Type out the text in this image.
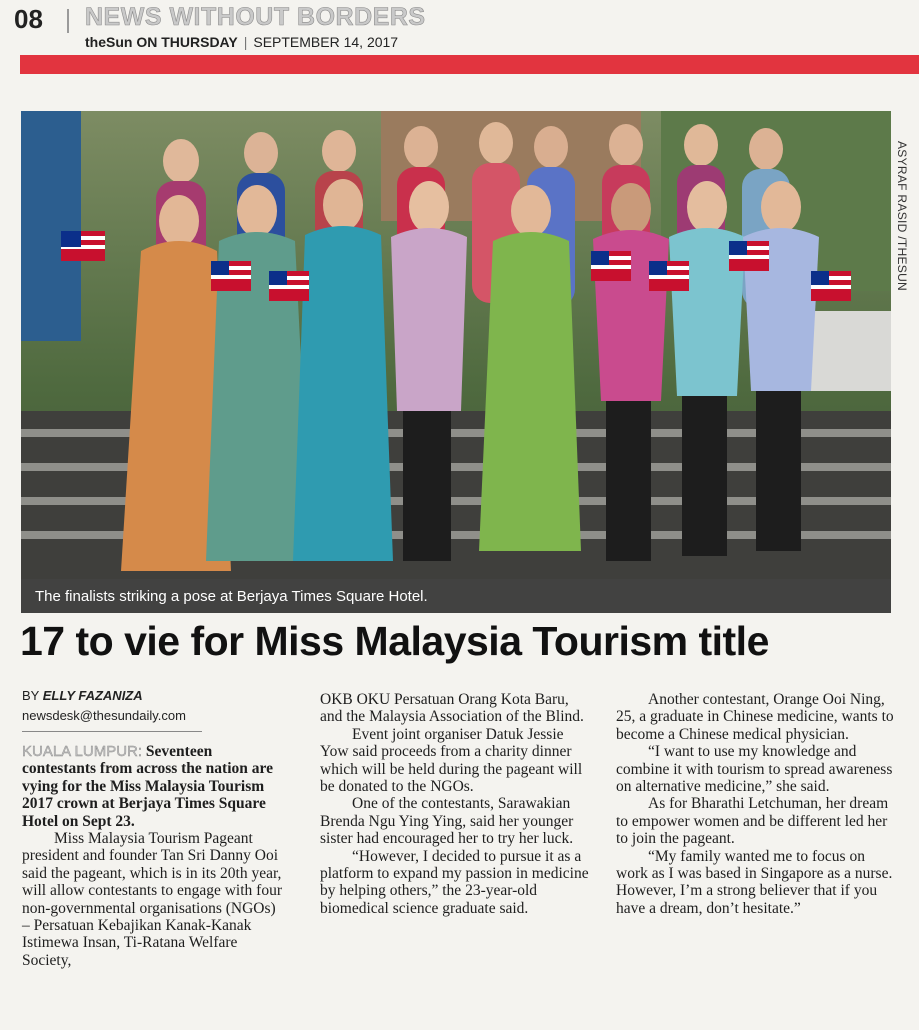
08 NEWS WITHOUT BORDERS
theSun ON THURSDAY | SEPTEMBER 14, 2017
The finalists striking a pose at Berjaya Times Square Hotel.
ASYRAF RASID /THESUN
17 to vie for Miss Malaysia Tourism title
BY ELLY FAZANIZA
newsdesk@thesundaily.com

KUALA LUMPUR: Seventeen contestants from across the nation are vying for the Miss Malaysia Tourism 2017 crown at Berjaya Times Square Hotel on Sept 23.

Miss Malaysia Tourism Pageant president and founder Tan Sri Danny Ooi said the pageant, which is in its 20th year, will allow contestants to engage with four non-governmental organisations (NGOs) – Persatuan Kebajikan Kanak-Kanak Istimewa Insan, Ti-Ratana Welfare Society,

OKB OKU Persatuan Orang Kota Baru, and the Malaysia Association of the Blind.

Event joint organiser Datuk Jessie Yow said proceeds from a charity dinner which will be held during the pageant will be donated to the NGOs.

One of the contestants, Sarawakian Brenda Ngu Ying Ying, said her younger sister had encouraged her to try her luck.

“However, I decided to pursue it as a platform to expand my passion in medicine by helping others,” the 23-year-old biomedical science graduate said.

Another contestant, Orange Ooi Ning, 25, a graduate in Chinese medicine, wants to become a Chinese medical physician.

“I want to use my knowledge and combine it with tourism to spread awareness on alternative medicine,” she said.

As for Bharathi Letchuman, her dream to empower women and be different led her to join the pageant.

“My family wanted me to focus on work as I was based in Singapore as a nurse. However, I’m a strong believer that if you have a dream, don’t hesitate.”
